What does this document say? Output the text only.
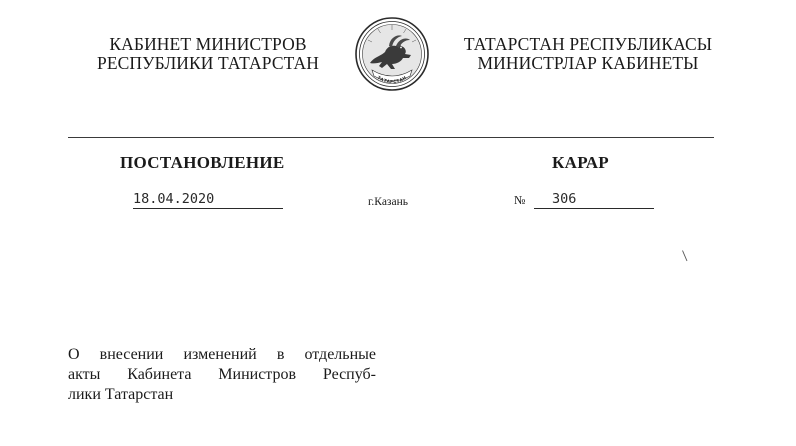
КАБИНЕТ МИНИСТРОВ
РЕСПУБЛИКИ ТАТАРСТАН
ТАТАРСТАН
ТАТАРСТАН РЕСПУБЛИКАСЫ
МИНИСТРЛАР КАБИНЕТЫ
ПОСТАНОВЛЕНИЕ	КАРАР
18.04.2020	г.Казань	№	306
О внесении изменений в отдельные
акты Кабинета Министров Респуб-
лики Татарстан
